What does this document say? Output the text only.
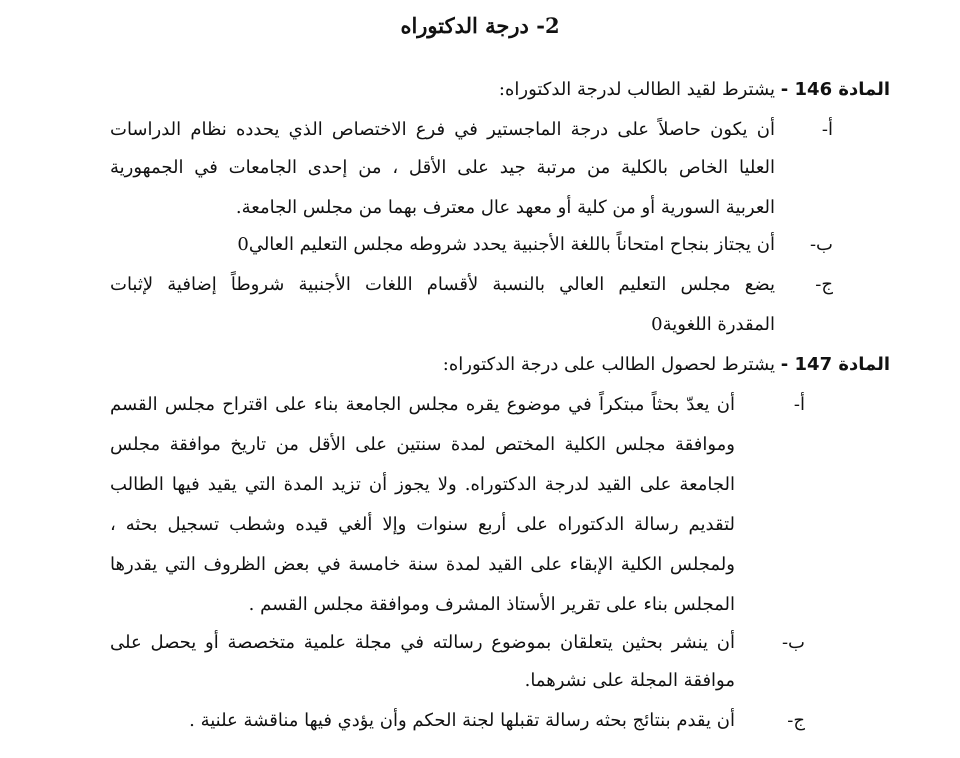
2- درجة الدكتوراه
المادة 146 - يشترط لقيد الطالب لدرجة الدكتوراه:
أ-
أن يكون حاصلاً على درجة الماجستير في فرع الاختصاص الذي يحدده نظام الدراسات
العليا الخاص بالكلية من مرتبة جيد على الأقل ، من إحدى الجامعات في الجمهورية
العربية السورية أو من كلية أو معهد عال معترف بهما من مجلس الجامعة.
ب-
أن يجتاز بنجاح امتحاناً باللغة الأجنبية يحدد شروطه مجلس التعليم العالي0
ج-
يضع مجلس التعليم العالي بالنسبة لأقسام اللغات الأجنبية شروطاً إضافية لإثبات
المقدرة اللغوية0
المادة 147 - يشترط لحصول الطالب على درجة الدكتوراه:
أ-
أن يعدّ بحثاً مبتكراً في موضوع يقره مجلس الجامعة بناء على اقتراح مجلس القسم
وموافقة مجلس الكلية المختص لمدة سنتين على الأقل من تاريخ موافقة مجلس
الجامعة على القيد لدرجة الدكتوراه. ولا يجوز أن تزيد المدة التي يقيد فيها الطالب
لتقديم رسالة الدكتوراه على أربع سنوات وإلا ألغي قيده وشطب تسجيل بحثه ،
ولمجلس الكلية الإبقاء على القيد لمدة سنة خامسة في بعض الظروف التي يقدرها
المجلس بناء على تقرير الأستاذ المشرف وموافقة مجلس القسم .
ب-
أن ينشر بحثين يتعلقان بموضوع رسالته في مجلة علمية متخصصة أو يحصل على
موافقة المجلة على نشرهما.
ج-
أن يقدم بنتائج بحثه رسالة تقبلها لجنة الحكم وأن يؤدي فيها مناقشة علنية .
